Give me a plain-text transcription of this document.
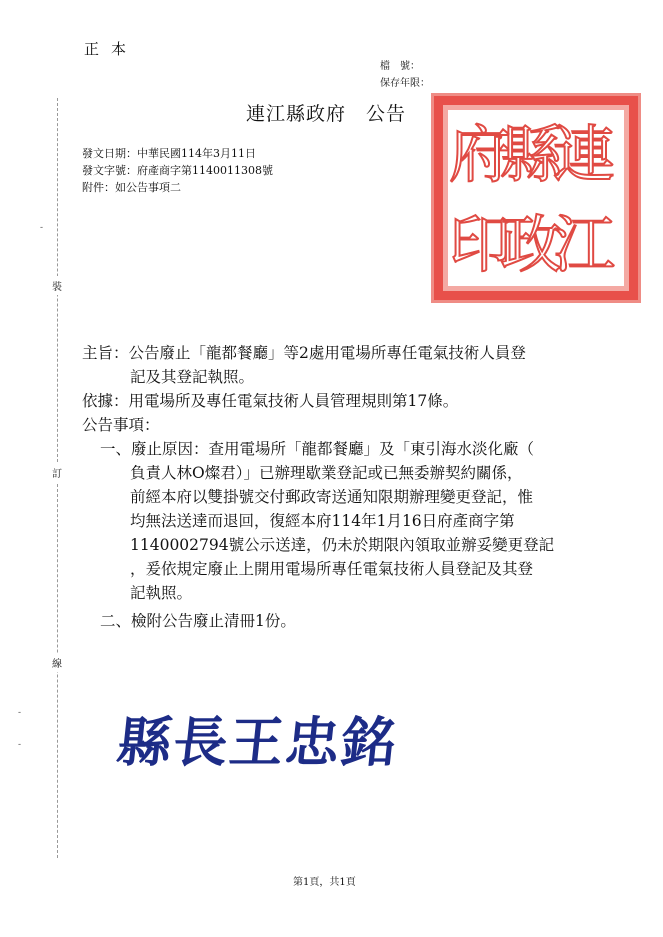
正本
檔　號：
保存年限：
連江縣政府 公告
連
江
縣
政
府
印
發文日期：中華民國114年3月11日
發文字號：府產商字第1140011308號
附件：如公告事項二
-
裝
訂
線
-
-
主旨：公告廢止「龍都餐廳」等2處用電場所專任電氣技術人員登
記及其登記執照。
依據：用電場所及專任電氣技術人員管理規則第17條。
公告事項：
一、廢止原因：查用電場所「龍都餐廳」及「東引海水淡化廠（
負責人林O燦君）」已辦理歇業登記或已無委辦契約關係，
前經本府以雙掛號交付郵政寄送通知限期辦理變更登記，惟
均無法送達而退回，復經本府114年1月16日府產商字第
1140002794號公示送達，仍未於期限內領取並辦妥變更登記
，爰依規定廢止上開用電場所專任電氣技術人員登記及其登
記執照。
二、檢附公告廢止清冊1份。
縣長王忠銘
第1頁，共1頁
